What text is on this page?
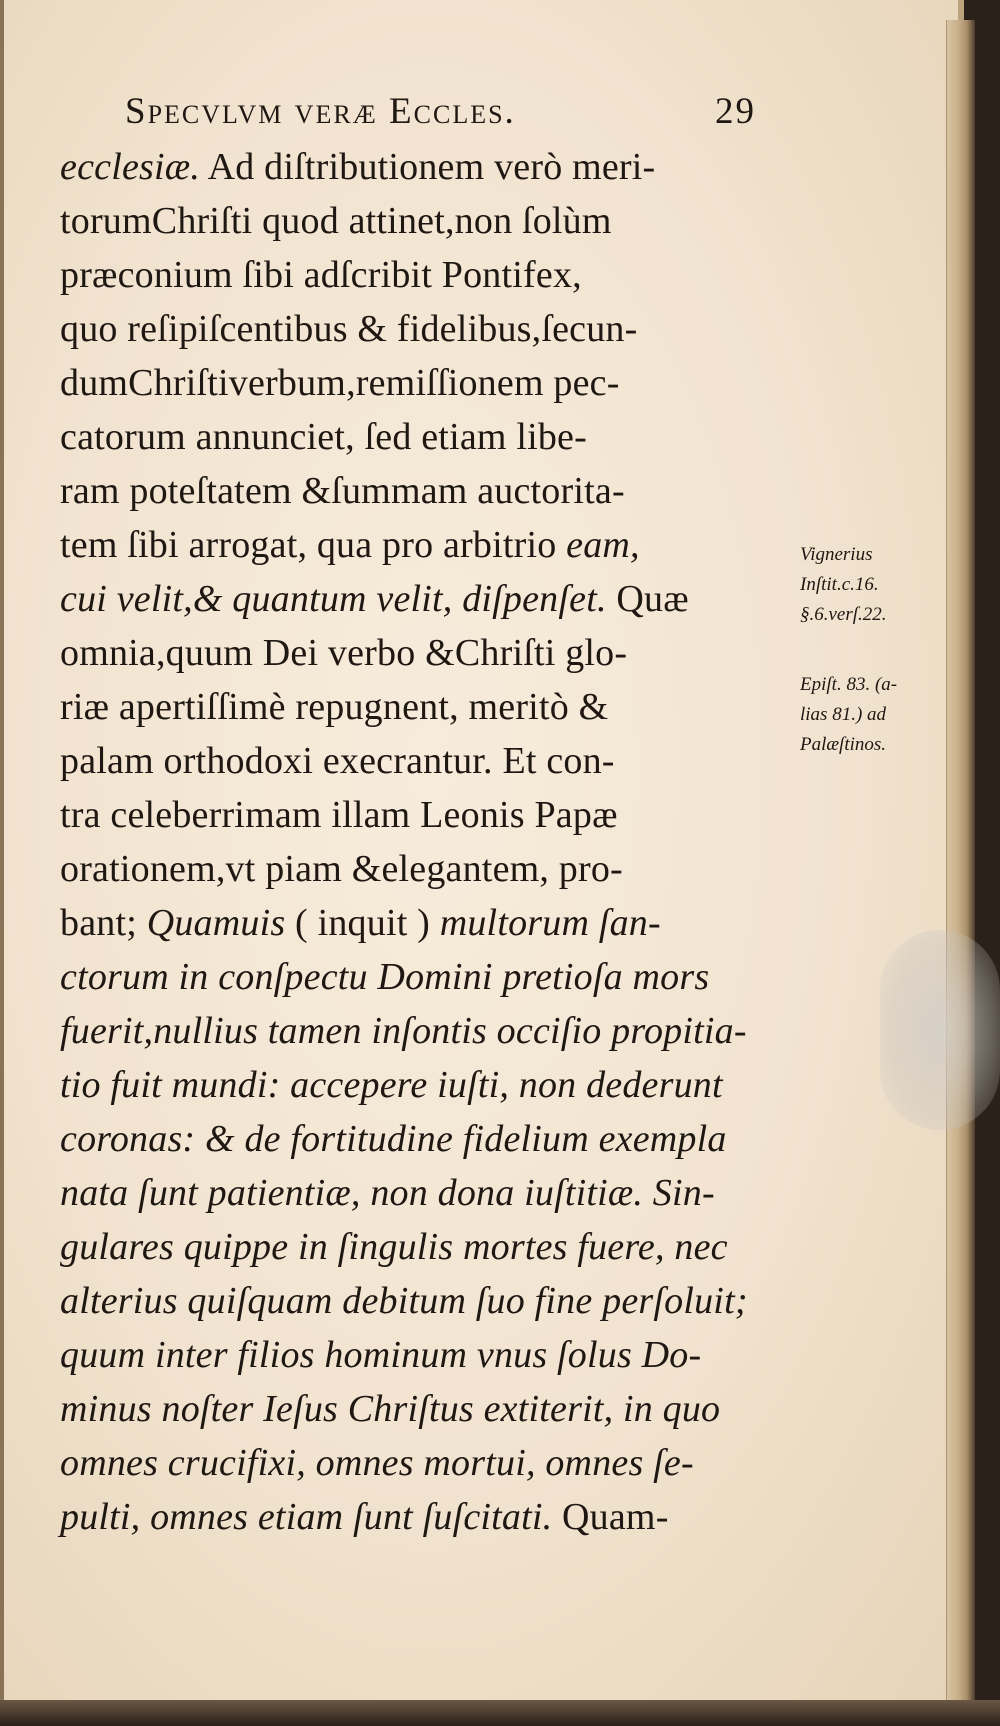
Specvlvm veræ Eccles.	29
ecclesiæ. Ad diſtributionem verò meri-
torumChriſti quod attinet,non ſolùm
præconium ſibi adſcribit Pontifex,
quo reſipiſcentibus & fidelibus,ſecun-
dumChriſtiverbum,remiſſionem pec-
catorum annunciet, ſed etiam libe-
ram poteſtatem &ſummam auctorita-
tem ſibi arrogat, qua pro arbitrio eam,
cui velit,& quantum velit, diſpenſet. Quæ
omnia,quum Dei verbo &Chriſti glo-
riæ apertiſſimè repugnent, meritò &
palam orthodoxi execrantur. Et con-
tra celeberrimam illam Leonis Papæ
orationem,vt piam &elegantem, pro-
bant; Quamuis ( inquit ) multorum ſan-
ctorum in conſpectu Domini pretioſa mors
fuerit,nullius tamen inſontis occiſio propitia-
tio fuit mundi: accepere iuſti, non dederunt
coronas: & de fortitudine fidelium exempla
nata ſunt patientiæ, non dona iuſtitiæ. Sin-
gulares quippe in ſingulis mortes fuere, nec
alterius quiſquam debitum ſuo fine perſoluit;
quum inter filios hominum vnus ſolus Do-
minus noſter Ieſus Chriſtus extiterit, in quo
omnes crucifixi, omnes mortui, omnes ſe-
pulti, omnes etiam ſunt ſuſcitati. Quam-
Vignerius
Inſtit.c.16.
§.6.verſ.22.
Epiſt. 83. (a-
lias 81.) ad
Palæſtinos.
